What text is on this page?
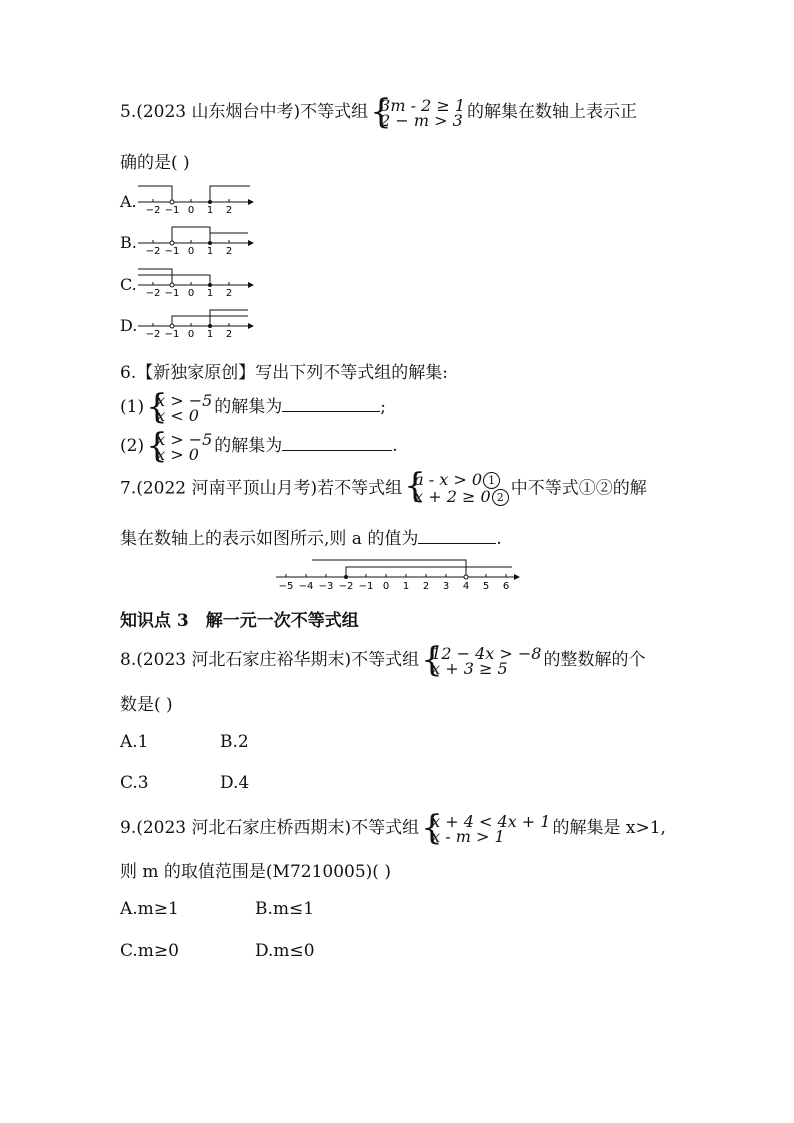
5.(2023 山东烟台中考)不等式组 {
3m - 2 ≥ 1
2 − m > 3 的解集在数轴上表示正
确的是( )
A.
B.
C.
D.
−2 −1 0 1 2
−2 −1 0 1 2
−2 −1 0 1 2
−2 −1 0 1 2
6.【新独家原创】写出下列不等式组的解集:
(1) {
x > −5
x < 0 的解集为	;
(2) {
x > −5
x > 0 的解集为	.
7.(2022 河南平顶山月考)若不等式组 {
a - x > 0 1
x + 2 ≥ 0 2 中不等式①②的解
集在数轴上的表示如图所示,则 a 的值为	.
−5 −4 −3 −2 −1 0 1 2 3 4 5 6
知识点 3　解一元一次不等式组
8.(2023 河北石家庄裕华期末)不等式组 {
12 − 4x > −8
x + 3 ≥ 5	的整数解的个
数是( )
A.1	B.2
C.3	D.4
9.(2023 河北石家庄桥西期末)不等式组 {
x + 4 < 4x + 1
x - m > 1	的解集是 x>1,
则 m 的取值范围是(M7210005)( )
A.m≥1	B.m≤1
C.m≥0	D.m≤0
